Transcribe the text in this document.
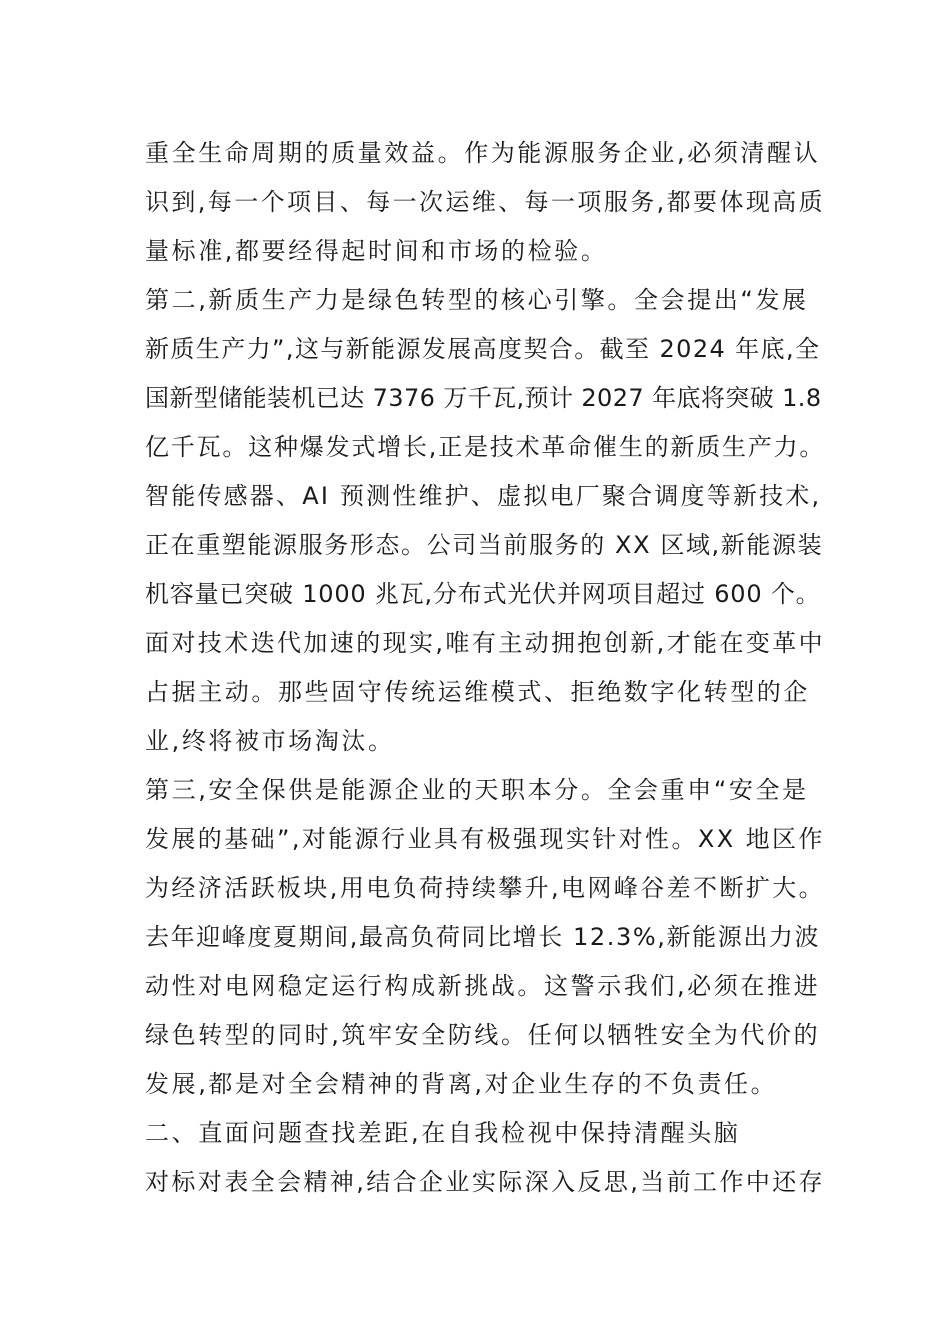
重全生命周期的质量效益。作为能源服务企业,必须清醒认
识到,每一个项目、每一次运维、每一项服务,都要体现高质
量标准,都要经得起时间和市场的检验。
第二,新质生产力是绿色转型的核心引擎。全会提出“发展
新质生产力”,这与新能源发展高度契合。截至 2024 年底,全
国新型储能装机已达 7376 万千瓦,预计 2027 年底将突破 1.8
亿千瓦。这种爆发式增长,正是技术革命催生的新质生产力。
智能传感器、AI 预测性维护、虚拟电厂聚合调度等新技术,
正在重塑能源服务形态。公司当前服务的 XX 区域,新能源装
机容量已突破 1000 兆瓦,分布式光伏并网项目超过 600 个。
面对技术迭代加速的现实,唯有主动拥抱创新,才能在变革中
占据主动。那些固守传统运维模式、拒绝数字化转型的企
业,终将被市场淘汰。
第三,安全保供是能源企业的天职本分。全会重申“安全是
发展的基础”,对能源行业具有极强现实针对性。XX 地区作
为经济活跃板块,用电负荷持续攀升,电网峰谷差不断扩大。
去年迎峰度夏期间,最高负荷同比增长 12.3%,新能源出力波
动性对电网稳定运行构成新挑战。这警示我们,必须在推进
绿色转型的同时,筑牢安全防线。任何以牺牲安全为代价的
发展,都是对全会精神的背离,对企业生存的不负责任。
二、直面问题查找差距,在自我检视中保持清醒头脑
对标对表全会精神,结合企业实际深入反思,当前工作中还存
